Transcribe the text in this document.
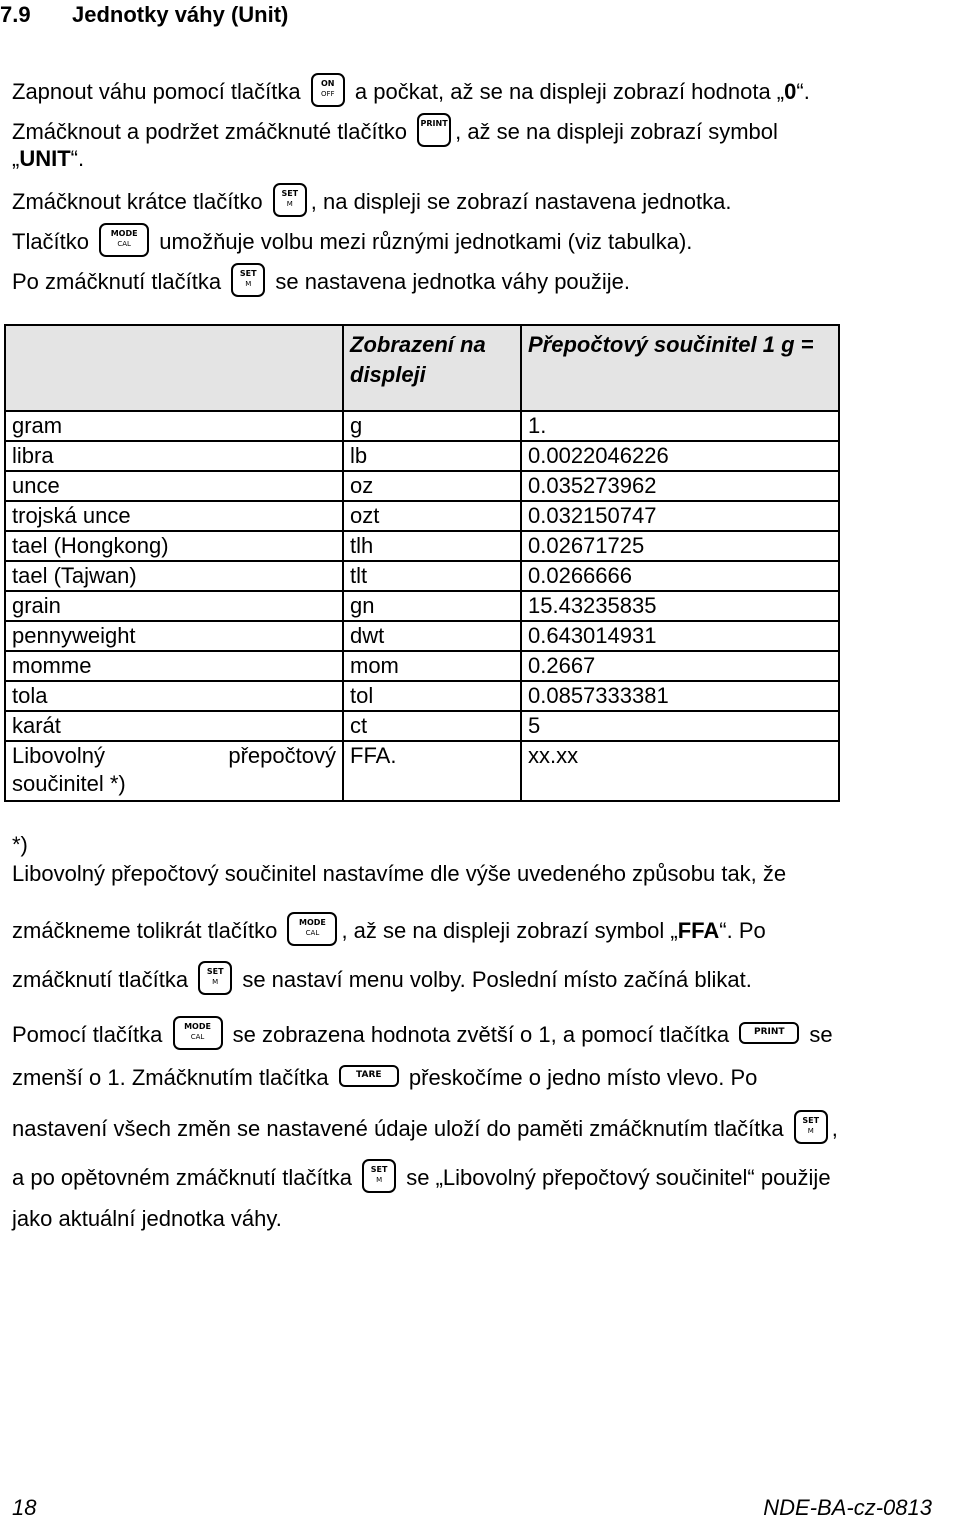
7.9 Jednotky váhy (Unit)
Zapnout váhu pomocí tlačítka	ON
OFF a počkat, až se na displeji zobrazí hodnota „0“.
Zmáčknout a podržet zmáčknuté tlačítko PRINT , až se na displeji zobrazí symbol
„UNIT“.
Zmáčknout krátce tlačítko	SET
M , na displeji se zobrazí nastavena jednotka.
Tlačítko	MODE
CAL	umožňuje volbu mezi různými jednotkami (viz tabulka).
Po zmáčknutí tlačítka	SET
M	se nastavena jednotka váhy použije.
	Zobrazení na displeji	Přepočtový součinitel 1 g =
gram	g	1.
libra	lb	0.0022046226
unce	oz	0.035273962
trojská unce	ozt	0.032150747
tael (Hongkong)	tlh	0.02671725
tael (Tajwan)	tlt	0.0266666
grain	gn	15.43235835
pennyweight	dwt	0.643014931
momme	mom	0.2667
tola	tol	0.0857333381
karát	ct	5

Libovolný přepočtový
součinitel *)	FFA.	xx.xx
*)
Libovolný přepočtový součinitel nastavíme dle výše uvedeného způsobu tak, že
zmáčkneme tolikrát tlačítko	MODE
CAL	, až se na displeji zobrazí symbol „FFA“. Po
zmáčknutí tlačítka	SET
M	se nastaví menu volby. Poslední místo začíná blikat.
Pomocí tlačítka	MODE
CAL	se zobrazena hodnota zvětší o 1, a pomocí tlačítka	PRINT se
zmenší o 1. Zmáčknutím tlačítka	TARE přeskočíme o jedno místo vlevo. Po
nastavení všech změn se nastavené údaje uloží do paměti zmáčknutím tlačítka	SET
M ,
a po opětovném zmáčknutí tlačítka	SET
M	se „Libovolný přepočtový součinitel“ použije
jako aktuální jednotka váhy.
18	NDE-BA-cz-0813
